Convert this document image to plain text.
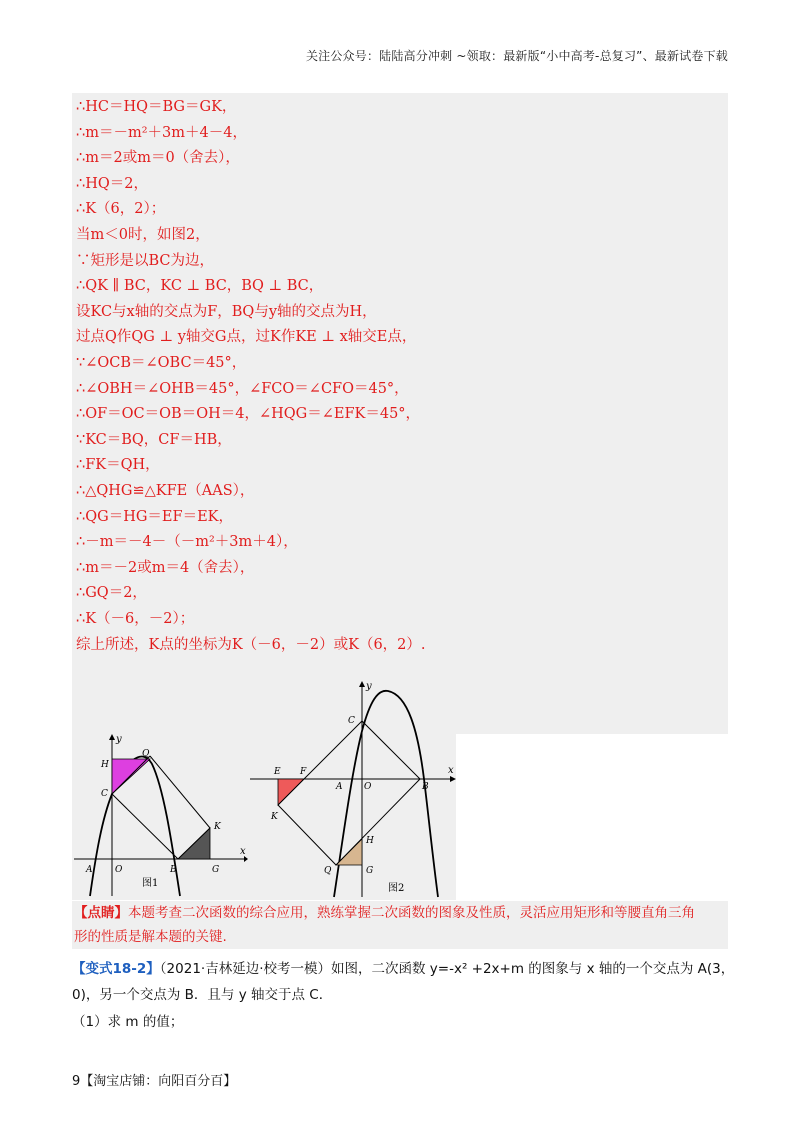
关注公众号：陆陆高分冲刺 ~领取：最新版“小中高考-总复习”、最新试卷下载
∴HC＝HQ＝BG＝GK，
∴m＝－m²＋3m＋4－4，
∴m＝2或m＝0（舍去），
∴HQ＝2，
∴K（6，2）；
当m＜0时，如图2，
∵矩形是以BC为边，
∴QK ∥ BC，KC ⊥ BC，BQ ⊥ BC，
设KC与x轴的交点为F，BQ与y轴的交点为H，
过点Q作QG ⊥ y轴交G点，过K作KE ⊥ x轴交E点，
∵∠OCB＝∠OBC＝45°，
∴∠OBH＝∠OHB＝45°，∠FCO＝∠CFO＝45°，
∴OF＝OC＝OB＝OH＝4，∠HQG＝∠EFK＝45°，
∵KC＝BQ，CF＝HB，
∴FK＝QH，
∴△QHG≌△KFE（AAS），
∴QG＝HG＝EF＝EK，
∴－m＝－4－（－m²＋3m＋4），
∴m＝－2或m＝4（舍去），
∴GQ＝2，
∴K（－6，－2）；
综上所述，K点的坐标为K（－6，－2）或K（6，2）.
y
x
Q
H
C
K
A	O	B	G
图1
y
x
C
E F
A O	B
K
H
Q	G
图2
【点睛】本题考查二次函数的综合应用，熟练掌握二次函数的图象及性质，灵活应用矩形和等腰直角三角
形的性质是解本题的关键.
【变式18-2】（2021·吉林延边·校考一模）如图，二次函数 y=-x² +2x+m 的图象与 x 轴的一个交点为 A(3，
0)，另一个交点为 B．且与 y 轴交于点 C．
（1）求 m 的值；
9【淘宝店铺：向阳百分百】
